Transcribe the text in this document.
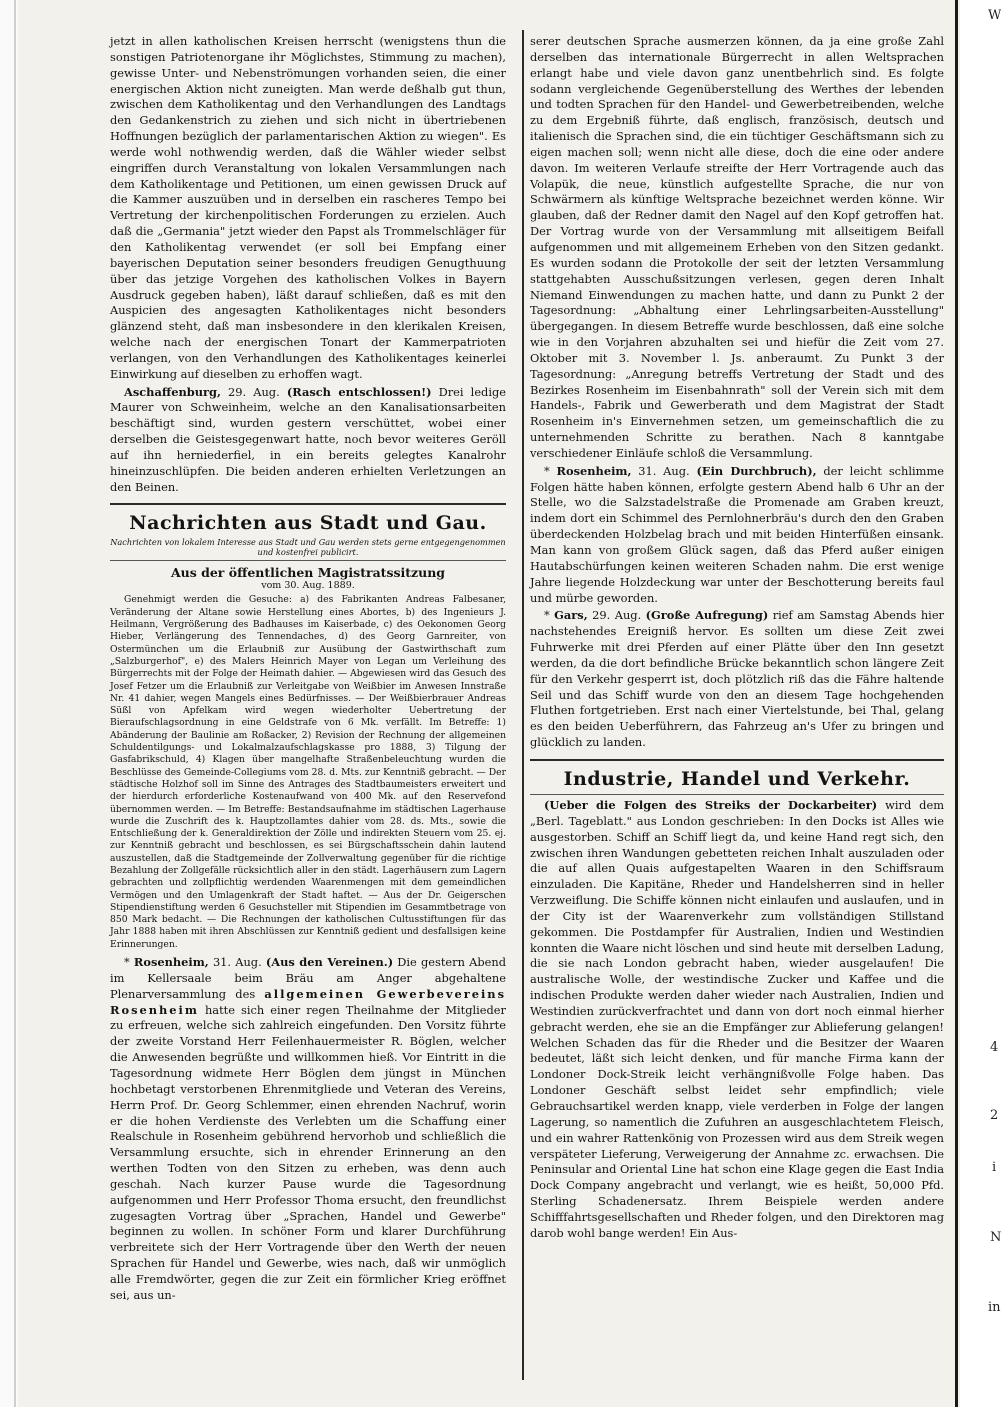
W
4
2
i
N
in

jetzt in allen katholischen Kreisen herrscht (wenigstens thun die sonstigen Patriotenorgane ihr Möglichstes, Stimmung zu machen), gewisse Unter- und Nebenströmungen vorhanden seien, die einer energischen Aktion nicht zuneigten. Man werde deßhalb gut thun, zwischen dem Katholikentag und den Verhandlungen des Landtags den Gedankenstrich zu ziehen und sich nicht in übertriebenen Hoffnungen bezüglich der parlamentarischen Aktion zu wiegen". Es werde wohl nothwendig werden, daß die Wähler wieder selbst eingriffen durch Veranstaltung von lokalen Versammlungen nach dem Katholikentage und Petitionen, um einen gewissen Druck auf die Kammer auszuüben und in derselben ein rascheres Tempo bei Vertretung der kirchenpolitischen Forderungen zu erzielen. Auch daß die „Germania" jetzt wieder den Papst als Trommelschläger für den Katholikentag verwendet (er soll bei Empfang einer bayerischen Deputation seiner besonders freudigen Genugthuung über das jetzige Vorgehen des katholischen Volkes in Bayern Ausdruck gegeben haben), läßt darauf schließen, daß es mit den Auspicien des angesagten Katholikentages nicht besonders glänzend steht, daß man insbesondere in den klerikalen Kreisen, welche nach der energischen Tonart der Kammerpatrioten verlangen, von den Verhandlungen des Katholikentages keinerlei Einwirkung auf dieselben zu erhoffen wagt.

Aschaffenburg, 29. Aug. (Rasch entschlossen!) Drei ledige Maurer von Schweinheim, welche an den Kanalisationsarbeiten beschäftigt sind, wurden gestern verschüttet, wobei einer derselben die Geistesgegenwart hatte, noch bevor weiteres Geröll auf ihn herniederfiel, in ein bereits gelegtes Kanalrohr hineinzuschlüpfen. Die beiden anderen erhielten Verletzungen an den Beinen.

Nachrichten aus Stadt und Gau.
Nachrichten von lokalem Interesse aus Stadt und Gau werden stets gerne entgegengenommen und kostenfrei publicirt.
Aus der öffentlichen Magistratssitzung
vom 30. Aug. 1889.

Genehmigt werden die Gesuche: a) des Fabrikanten Andreas Falbesaner, Veränderung der Altane sowie Herstellung eines Abortes, b) des Ingenieurs J. Heilmann, Vergrößerung des Badhauses im Kaiserbade, c) des Oekonomen Georg Hieber, Verlängerung des Tennendaches, d) des Georg Garnreiter, von Ostermünchen um die Erlaubniß zur Ausübung der Gastwirthschaft zum „Salzburgerhof", e) des Malers Heinrich Mayer von Legan um Verleihung des Bürgerrechts mit der Folge der Heimath dahier. — Abgewiesen wird das Gesuch des Josef Fetzer um die Erlaubniß zur Verleitgabe von Weißbier im Anwesen Innstraße Nr. 41 dahier, wegen Mangels eines Bedürfnisses. — Der Weißbierbrauer Andreas Süßl von Apfelkam wird wegen wiederholter Uebertretung der Bieraufschlagsordnung in eine Geldstrafe von 6 Mk. verfällt. Im Betreffe: 1) Abänderung der Baulinie am Roßacker, 2) Revision der Rechnung der allgemeinen Schuldentilgungs- und Lokalmalzaufschlagskasse pro 1888, 3) Tilgung der Gasfabrikschuld, 4) Klagen über mangelhafte Straßenbeleuchtung wurden die Beschlüsse des Gemeinde-Collegiums vom 28. d. Mts. zur Kenntniß gebracht. — Der städtische Holzhof soll im Sinne des Antrages des Stadtbaumeisters erweitert und der hierdurch erforderliche Kostenaufwand von 400 Mk. auf den Reservefond übernommen werden. — Im Betreffe: Bestandsaufnahme im städtischen Lagerhause wurde die Zuschrift des k. Hauptzollamtes dahier vom 28. ds. Mts., sowie die Entschließung der k. Generaldirektion der Zölle und indirekten Steuern vom 25. ej. zur Kenntniß gebracht und beschlossen, es sei Bürgschaftsschein dahin lautend auszustellen, daß die Stadtgemeinde der Zollverwaltung gegenüber für die richtige Bezahlung der Zollgefälle rücksichtlich aller in den städt. Lagerhäusern zum Lagern gebrachten und zollpflichtig werdenden Waarenmengen mit dem gemeindlichen Vermögen und den Umlagenkraft der Stadt haftet. — Aus der Dr. Geigerschen Stipendienstiftung werden 6 Gesuchsteller mit Stipendien im Gesammtbetrage von 850 Mark bedacht. — Die Rechnungen der katholischen Cultusstiftungen für das Jahr 1888 haben mit ihren Abschlüssen zur Kenntniß gedient und desfallsigen keine Erinnerungen.

* Rosenheim, 31. Aug. (Aus den Vereinen.) Die gestern Abend im Kellersaale beim Bräu am Anger abgehaltene Plenarversammlung des allgemeinen Gewerbevereins Rosenheim hatte sich einer regen Theilnahme der Mitglieder zu erfreuen, welche sich zahlreich eingefunden. Den Vorsitz führte der zweite Vorstand Herr Feilenhauermeister R. Böglen, welcher die Anwesenden begrüßte und willkommen hieß. Vor Eintritt in die Tagesordnung widmete Herr Böglen dem jüngst in München hochbetagt verstorbenen Ehrenmitgliede und Veteran des Vereins, Herrn Prof. Dr. Georg Schlemmer, einen ehrenden Nachruf, worin er die hohen Verdienste des Verlebten um die Schaffung einer Realschule in Rosenheim gebührend hervorhob und schließlich die Versammlung ersuchte, sich in ehrender Erinnerung an den werthen Todten von den Sitzen zu erheben, was denn auch geschah. Nach kurzer Pause wurde die Tagesordnung aufgenommen und Herr Professor Thoma ersucht, den freundlichst zugesagten Vortrag über „Sprachen, Handel und Gewerbe" beginnen zu wollen. In schöner Form und klarer Durchführung verbreitete sich der Herr Vortragende über den Werth der neuen Sprachen für Handel und Gewerbe, wies nach, daß wir unmöglich alle Fremdwörter, gegen die zur Zeit ein förmlicher Krieg eröffnet sei, aus un-

serer deutschen Sprache ausmerzen können, da ja eine große Zahl derselben das internationale Bürgerrecht in allen Weltsprachen erlangt habe und viele davon ganz unentbehrlich sind. Es folgte sodann vergleichende Gegenüberstellung des Werthes der lebenden und todten Sprachen für den Handel- und Gewerbetreibenden, welche zu dem Ergebniß führte, daß englisch, französisch, deutsch und italienisch die Sprachen sind, die ein tüchtiger Geschäftsmann sich zu eigen machen soll; wenn nicht alle diese, doch die eine oder andere davon. Im weiteren Verlaufe streifte der Herr Vortragende auch das Volapük, die neue, künstlich aufgestellte Sprache, die nur von Schwärmern als künftige Weltsprache bezeichnet werden könne. Wir glauben, daß der Redner damit den Nagel auf den Kopf getroffen hat. Der Vortrag wurde von der Versammlung mit allseitigem Beifall aufgenommen und mit allgemeinem Erheben von den Sitzen gedankt. Es wurden sodann die Protokolle der seit der letzten Versammlung stattgehabten Ausschußsitzungen verlesen, gegen deren Inhalt Niemand Einwendungen zu machen hatte, und dann zu Punkt 2 der Tagesordnung: „Abhaltung einer Lehrlingsarbeiten-Ausstellung" übergegangen. In diesem Betreffe wurde beschlossen, daß eine solche wie in den Vorjahren abzuhalten sei und hiefür die Zeit vom 27. Oktober mit 3. November l. Js. anberaumt. Zu Punkt 3 der Tagesordnung: „Anregung betreffs Vertretung der Stadt und des Bezirkes Rosenheim im Eisenbahnrath" soll der Verein sich mit dem Handels-, Fabrik und Gewerberath und dem Magistrat der Stadt Rosenheim in's Einvernehmen setzen, um gemeinschaftlich die zu unternehmenden Schritte zu berathen. Nach 8 kanntgabe verschiedener Einläufe schloß die Versammlung.

* Rosenheim, 31. Aug. (Ein Durchbruch), der leicht schlimme Folgen hätte haben können, erfolgte gestern Abend halb 6 Uhr an der Stelle, wo die Salzstadelstraße die Promenade am Graben kreuzt, indem dort ein Schimmel des Pernlohnerbräu's durch den den Graben überdeckenden Holzbelag brach und mit beiden Hinterfüßen einsank. Man kann von großem Glück sagen, daß das Pferd außer einigen Hautabschürfungen keinen weiteren Schaden nahm. Die erst wenige Jahre liegende Holzdeckung war unter der Beschotterung bereits faul und mürbe geworden.

* Gars, 29. Aug. (Große Aufregung) rief am Samstag Abends hier nachstehendes Ereigniß hervor. Es sollten um diese Zeit zwei Fuhrwerke mit drei Pferden auf einer Plätte über den Inn gesetzt werden, da die dort befindliche Brücke bekanntlich schon längere Zeit für den Verkehr gesperrt ist, doch plötzlich riß das die Fähre haltende Seil und das Schiff wurde von den an diesem Tage hochgehenden Fluthen fortgetrieben. Erst nach einer Viertelstunde, bei Thal, gelang es den beiden Ueberführern, das Fahrzeug an's Ufer zu bringen und glücklich zu landen.

Industrie, Handel und Verkehr.

(Ueber die Folgen des Streiks der Dockarbeiter) wird dem „Berl. Tageblatt." aus London geschrieben: In den Docks ist Alles wie ausgestorben. Schiff an Schiff liegt da, und keine Hand regt sich, den zwischen ihren Wandungen gebetteten reichen Inhalt auszuladen oder die auf allen Quais aufgestapelten Waaren in den Schiffsraum einzuladen. Die Kapitäne, Rheder und Handelsherren sind in heller Verzweiflung. Die Schiffe können nicht einlaufen und auslaufen, und in der City ist der Waarenverkehr zum vollständigen Stillstand gekommen. Die Postdampfer für Australien, Indien und Westindien konnten die Waare nicht löschen und sind heute mit derselben Ladung, die sie nach London gebracht haben, wieder ausgelaufen! Die australische Wolle, der westindische Zucker und Kaffee und die indischen Produkte werden daher wieder nach Australien, Indien und Westindien zurückverfrachtet und dann von dort noch einmal hierher gebracht werden, ehe sie an die Empfänger zur Ablieferung gelangen! Welchen Schaden das für die Rheder und die Besitzer der Waaren bedeutet, läßt sich leicht denken, und für manche Firma kann der Londoner Dock-Streik leicht verhängnißvolle Folge haben. Das Londoner Geschäft selbst leidet sehr empfindlich; viele Gebrauchsartikel werden knapp, viele verderben in Folge der langen Lagerung, so namentlich die Zufuhren an ausgeschlachtetem Fleisch, und ein wahrer Rattenkönig von Prozessen wird aus dem Streik wegen verspäteter Lieferung, Verweigerung der Annahme zc. erwachsen. Die Peninsular and Oriental Line hat schon eine Klage gegen die East India Dock Company angebracht und verlangt, wie es heißt, 50,000 Pfd. Sterling Schadenersatz. Ihrem Beispiele werden andere Schifffahrtsgesellschaften und Rheder folgen, und den Direktoren mag darob wohl bange werden! Ein Aus-
